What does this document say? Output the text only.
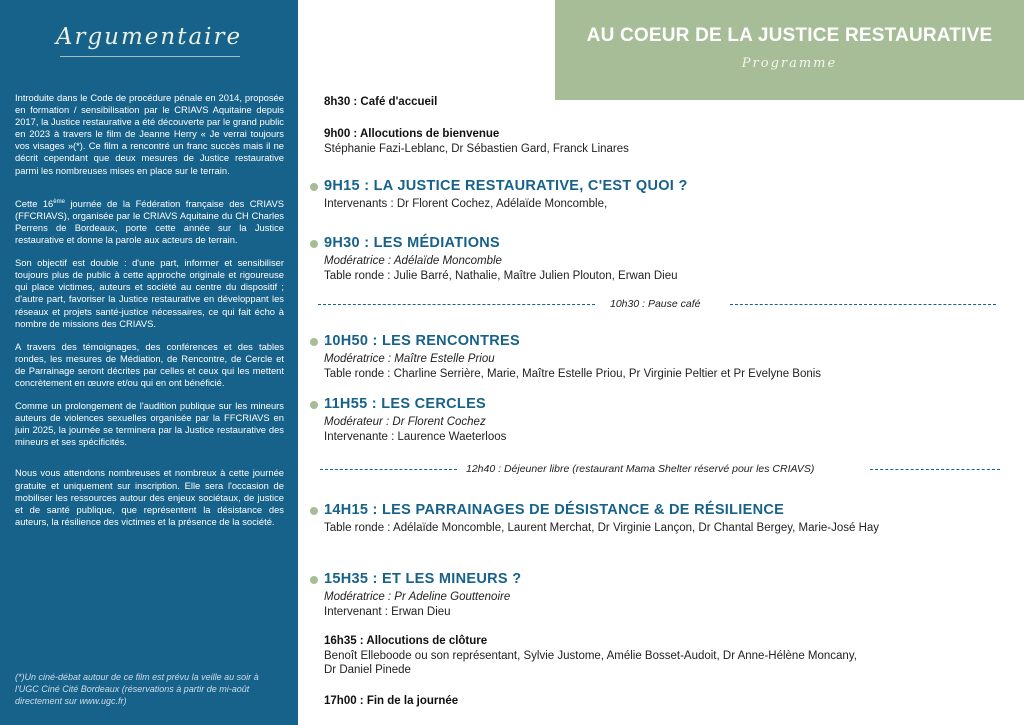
Argumentaire

Introduite dans le Code de procédure pénale en 2014, proposée en formation / sensibilisation par le CRIAVS Aquitaine depuis 2017, la Justice restaurative a été découverte par le grand public en 2023 à travers le film de Jeanne Herry « Je verrai toujours vos visages »(*). Ce film a rencontré un franc succès mais il ne décrit cependant que deux mesures de Justice restaurative parmi les nombreuses mises en place sur le terrain.

Cette 16ème journée de la Fédération française des CRIAVS (FFCRIAVS), organisée par le CRIAVS Aquitaine du CH Charles Perrens de Bordeaux, porte cette année sur la Justice restaurative et donne la parole aux acteurs de terrain.

Son objectif est double : d'une part, informer et sensibiliser toujours plus de public à cette approche originale et rigoureuse qui place victimes, auteurs et société au centre du dispositif ; d'autre part, favoriser la Justice restaurative en développant les réseaux et projets santé-justice nécessaires, ce qui fait écho à nombre de missions des CRIAVS.

A travers des témoignages, des conférences et des tables rondes, les mesures de Médiation, de Rencontre, de Cercle et de Parrainage seront décrites par celles et ceux qui les mettent concrètement en œuvre et/ou qui en ont bénéficié.

Comme un prolongement de l'audition publique sur les mineurs auteurs de violences sexuelles organisée par la FFCRIAVS en juin 2025, la journée se terminera par la Justice restaurative des mineurs et ses spécificités.

Nous vous attendons nombreuses et nombreux à cette journée gratuite et uniquement sur inscription. Elle sera l'occasion de mobiliser les ressources autour des enjeux sociétaux, de justice et de santé publique, que représentent la désistance des auteurs, la résilience des victimes et la présence de la société.

(*)Un ciné-débat autour de ce film est prévu la veille au soir à l'UGC Ciné Cité Bordeaux (réservations à partir de mi-août directement sur www.ugc.fr)
AU COEUR DE LA JUSTICE RESTAURATIVE
Programme
8h30 : Café d'accueil
9h00 : Allocutions de bienvenue
Stéphanie Fazi-Leblanc, Dr Sébastien Gard, Franck Linares
9H15 : LA JUSTICE RESTAURATIVE, C'EST QUOI ?
Intervenants : Dr Florent Cochez, Adélaïde Moncomble,
9H30 : LES MÉDIATIONS
Modératrice : Adélaïde Moncomble
Table ronde : Julie Barré, Nathalie, Maître Julien Plouton, Erwan Dieu
10h30 : Pause café
10H50 : LES RENCONTRES
Modératrice : Maître Estelle Priou
Table ronde : Charline Serrière, Marie, Maître Estelle Priou, Pr Virginie Peltier et Pr Evelyne Bonis
11H55 : LES CERCLES
Modérateur : Dr Florent Cochez
Intervenante : Laurence Waeterloos
12h40 : Déjeuner libre (restaurant Mama Shelter réservé pour les CRIAVS)
14H15 : LES PARRAINAGES DE DÉSISTANCE & DE RÉSILIENCE
Table ronde : Adélaïde Moncomble, Laurent Merchat, Dr Virginie Lançon, Dr Chantal Bergey, Marie-José Hay
15H35 : ET LES MINEURS ?
Modératrice : Pr Adeline Gouttenoire
Intervenant : Erwan Dieu
16h35 : Allocutions de clôture
Benoît Elleboode ou son représentant, Sylvie Justome, Amélie Bosset-Audoit, Dr Anne-Hélène Moncany,
Dr Daniel Pinede
17h00 : Fin de la journée
